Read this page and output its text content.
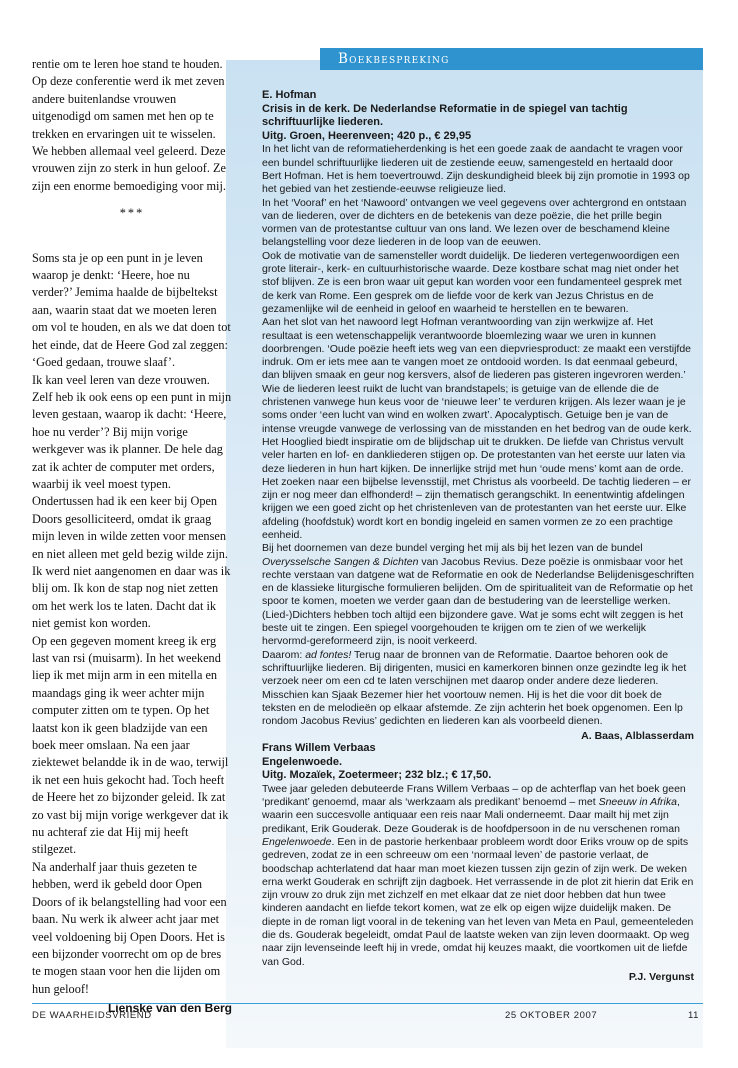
Boekbespreking

rentie om te leren hoe stand te houden. Op deze conferentie werd ik met zeven andere buitenlandse vrouwen uitgenodigd om samen met hen op te trekken en ervaringen uit te wisselen. We hebben allemaal veel geleerd. Deze vrouwen zijn zo sterk in hun geloof. Ze zijn een enorme bemoediging voor mij.

***

Soms sta je op een punt in je leven waarop je denkt: ‘Heere, hoe nu verder?’ Jemima haalde de bijbeltekst aan, waarin staat dat we moeten leren om vol te houden, en als we dat doen tot het einde, dat de Heere God zal zeggen: ‘Goed gedaan, trouwe slaaf’.

Ik kan veel leren van deze vrouwen. Zelf heb ik ook eens op een punt in mijn leven gestaan, waarop ik dacht: ‘Heere, hoe nu verder’? Bij mijn vorige werkgever was ik planner. De hele dag zat ik achter de computer met orders, waarbij ik veel moest typen. Ondertussen had ik een keer bij Open Doors gesolliciteerd, omdat ik graag mijn leven in wilde zetten voor mensen en niet alleen met geld bezig wilde zijn. Ik werd niet aangenomen en daar was ik blij om. Ik kon de stap nog niet zetten om het werk los te laten. Dacht dat ik niet gemist kon worden.

Op een gegeven moment kreeg ik erg last van rsi (muisarm). In het weekend liep ik met mijn arm in een mitella en maandags ging ik weer achter mijn computer zitten om te typen. Op het laatst kon ik geen bladzijde van een boek meer omslaan. Na een jaar ziektewet belandde ik in de wao, terwijl ik net een huis gekocht had. Toch heeft de Heere het zo bijzonder geleid. Ik zat zo vast bij mijn vorige werkgever dat ik nu achteraf zie dat Hij mij heeft stilgezet.

Na anderhalf jaar thuis gezeten te hebben, werd ik gebeld door Open Doors of ik belangstelling had voor een baan. Nu werk ik alweer acht jaar met veel voldoening bij Open Doors. Het is een bijzonder voorrecht om op de bres te mogen staan voor hen die lijden om hun geloof!

Lienske van den Berg
E. Hofman
Crisis in de kerk. De Nederlandse Reformatie in de spiegel van tachtig schriftuurlijke liederen.
Uitg. Groen, Heerenveen; 420 p., € 29,95

In het licht van de reformatieherdenking is het een goede zaak de aandacht te vragen voor een bundel schriftuurlijke liederen uit de zestiende eeuw, samengesteld en hertaald door Bert Hofman. Het is hem toevertrouwd. Zijn deskundigheid bleek bij zijn promotie in 1993 op het gebied van het zestiende-eeuwse religieuze lied.

In het ‘Vooraf’ en het ‘Nawoord’ ontvangen we veel gegevens over achtergrond en ontstaan van de liederen, over de dichters en de betekenis van deze poëzie, die het prille begin vormen van de protestantse cultuur van ons land. We lezen over de beschamend kleine belangstelling voor deze liederen in de loop van de eeuwen.

Ook de motivatie van de samensteller wordt duidelijk. De liederen vertegenwoordigen een grote literair-, kerk- en cultuurhistorische waarde. Deze kostbare schat mag niet onder het stof blijven. Ze is een bron waar uit geput kan worden voor een fundamenteel gesprek met de kerk van Rome. Een gesprek om de liefde voor de kerk van Jezus Christus en de gezamenlijke wil de eenheid in geloof en waarheid te herstellen en te bewaren.

Aan het slot van het nawoord legt Hofman verantwoording van zijn werkwijze af. Het resultaat is een wetenschappelijk verantwoorde bloemlezing waar we uren in kunnen doorbrengen. ‘Oude poëzie heeft iets weg van een diepvriesproduct: ze maakt een verstijfde indruk. Om er iets mee aan te vangen moet ze ontdooid worden. Is dat eenmaal gebeurd, dan blijven smaak en geur nog kersvers, alsof de liederen pas gisteren ingevroren werden.’ Wie de liederen leest ruikt de lucht van brandstapels; is getuige van de ellende die de christenen vanwege hun keus voor de ‘nieuwe leer’ te verduren krijgen. Als lezer waan je je soms onder ‘een lucht van wind en wolken zwart’. Apocalyptisch. Getuige ben je van de intense vreugde vanwege de verlossing van de misstanden en het bedrog van de oude kerk. Het Hooglied biedt inspiratie om de blijdschap uit te drukken. De liefde van Christus vervult veler harten en lof- en dankliederen stijgen op. De protestanten van het eerste uur laten via deze liederen in hun hart kijken. De innerlijke strijd met hun ‘oude mens’ komt aan de orde. Het zoeken naar een bijbelse levensstijl, met Christus als voorbeeld. De tachtig liederen – er zijn er nog meer dan elfhonderd! – zijn thematisch gerangschikt. In eenentwintig afdelingen krijgen we een goed zicht op het christenleven van de protestanten van het eerste uur. Elke afdeling (hoofdstuk) wordt kort en bondig ingeleid en samen vormen ze zo een prachtige eenheid.

Bij het doornemen van deze bundel verging het mij als bij het lezen van de bundel Overysselsche Sangen & Dichten van Jacobus Revius. Deze poëzie is onmisbaar voor het rechte verstaan van datgene wat de Reformatie en ook de Nederlandse Belijdenisgeschriften en de klassieke liturgische formulieren belijden. Om de spiritualiteit van de Reformatie op het spoor te komen, moeten we verder gaan dan de bestudering van de leerstellige werken. (Lied-)Dichters hebben toch altijd een bijzondere gave. Wat je soms echt wilt zeggen is het beste uit te zingen. Een spiegel voorgehouden te krijgen om te zien of we werkelijk hervormd-gereformeerd zijn, is nooit verkeerd.

Daarom: ad fontes! Terug naar de bronnen van de Reformatie. Daartoe behoren ook de schriftuurlijke liederen. Bij dirigenten, musici en kamerkoren binnen onze gezindte leg ik het verzoek neer om een cd te laten verschijnen met daarop onder andere deze liederen. Misschien kan Sjaak Bezemer hier het voortouw nemen. Hij is het die voor dit boek de teksten en de melodieën op elkaar afstemde. Ze zijn achterin het boek opgenomen. Een lp rondom Jacobus Revius’ gedichten en liederen kan als voorbeeld dienen.

A. Baas, Alblasserdam
Frans Willem Verbaas
Engelenwoede.
Uitg. Mozaïek, Zoetermeer; 232 blz.; € 17,50.

Twee jaar geleden debuteerde Frans Willem Verbaas – op de achterflap van het boek geen ‘predikant’ genoemd, maar als ‘werkzaam als predikant’ benoemd – met Sneeuw in Afrika, waarin een succesvolle antiquaar een reis naar Mali onderneemt. Daar mailt hij met zijn predikant, Erik Gouderak. Deze Gouderak is de hoofdpersoon in de nu verschenen roman Engelenwoede. Een in de pastorie herkenbaar probleem wordt door Eriks vrouw op de spits gedreven, zodat ze in een schreeuw om een ‘normaal leven’ de pastorie verlaat, de boodschap achterlatend dat haar man moet kiezen tussen zijn gezin of zijn werk. De weken erna werkt Gouderak en schrijft zijn dagboek. Het verrassende in de plot zit hierin dat Erik en zijn vrouw zo druk zijn met zichzelf en met elkaar dat ze niet door hebben dat hun twee kinderen aandacht en liefde tekort komen, wat ze elk op eigen wijze duidelijk maken. De diepte in de roman ligt vooral in de tekening van het leven van Meta en Paul, gemeenteleden die ds. Gouderak begeleidt, omdat Paul de laatste weken van zijn leven doormaakt. Op weg naar zijn levenseinde leeft hij in vrede, omdat hij keuzes maakt, die voortkomen uit de liefde van God.

P.J. Vergunst
DE WAARHEIDSVRIEND	25 OKTOBER 2007	11
